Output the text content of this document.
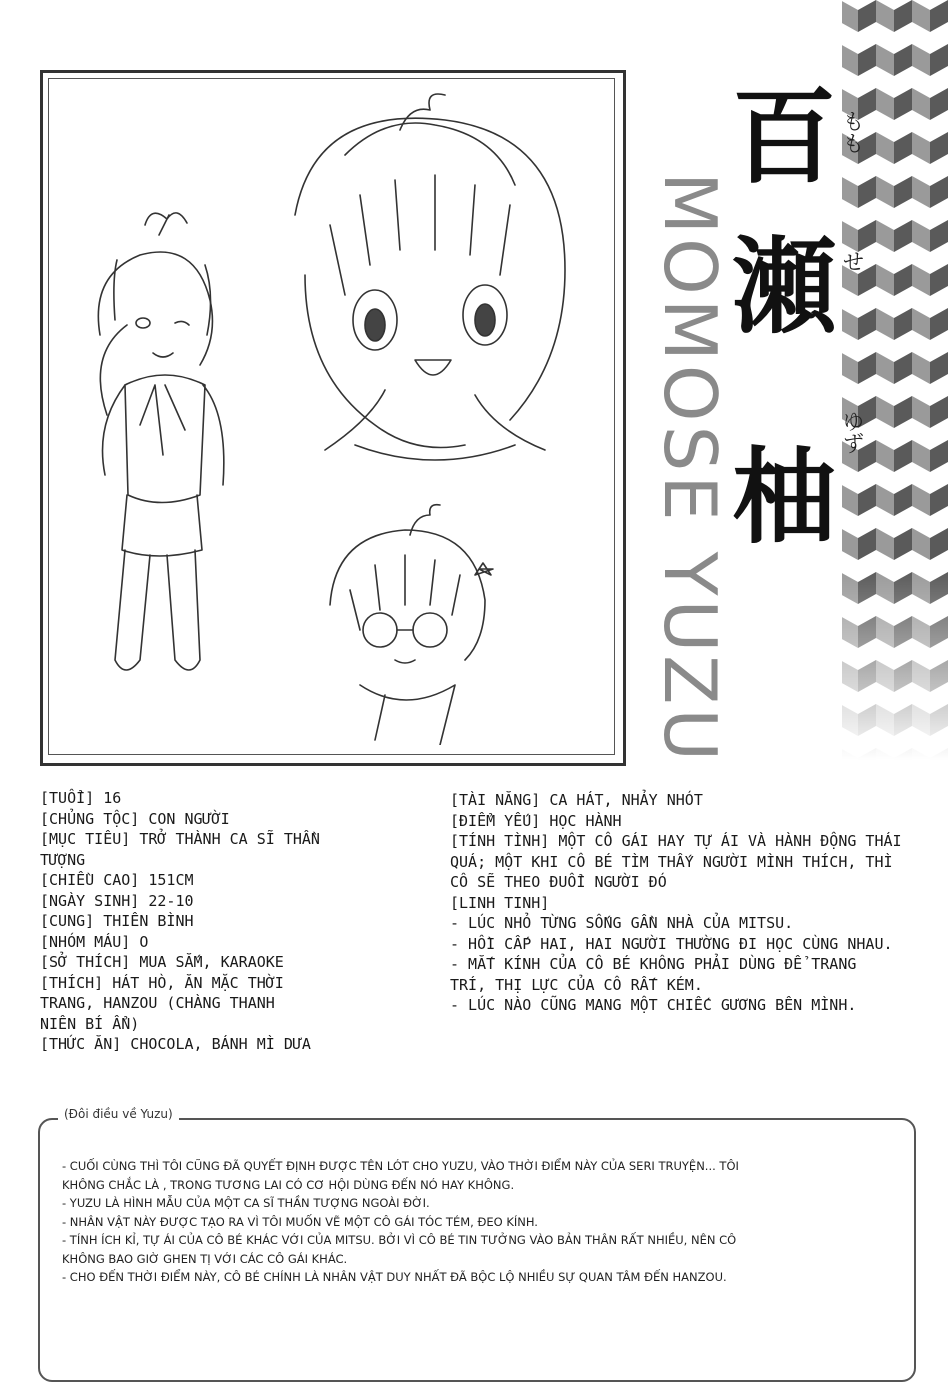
百
瀬
柚
もも
せ
ゆず
MOMOSE YUZU
[TUỔI] 16
[CHỦNG TỘC] CON NGƯỜI
[MỤC TIÊU] TRỞ THÀNH CA SĨ THẦN
TƯỢNG
[CHIỀU CAO] 151CM
[NGÀY SINH] 22-10
[CUNG] THIÊN BÌNH
[NHÓM MÁU] O
[SỞ THÍCH] MUA SẮM, KARAOKE
[THÍCH] HÁT HÒ, ĂN MẶC THỜI
TRANG, HANZOU (CHÀNG THANH
NIÊN BÍ ẨN)
[THỨC ĂN] CHOCOLA, BÁNH MÌ DƯA
[TÀI NĂNG] CA HÁT, NHẢY NHÓT
[ĐIỂM YẾU] HỌC HÀNH
[TÍNH TÌNH] MỘT CÔ GÁI HAY TỰ ÁI VÀ HÀNH ĐỘNG THÁI
QUÁ; MỘT KHI CÔ BÉ TÌM THẤY NGƯỜI MÌNH THÍCH, THÌ
CÔ SẼ THEO ĐUỔI NGƯỜI ĐÓ
[LINH TINH]
- LÚC NHỎ TỪNG SỐNG GẦN NHÀ CỦA MITSU.
- HỒI CẤP HAI, HAI NGƯỜI THƯỜNG ĐI HỌC CÙNG NHAU.
- MẮT KÍNH CỦA CÔ BÉ KHÔNG PHẢI DÙNG ĐỂ TRANG
TRÍ, THỊ LỰC CỦA CÔ RẤT KÉM.
- LÚC NÀO CŨNG MANG MỘT CHIẾC GƯƠNG BÊN MÌNH.
(Đôi điều về Yuzu)
- CUỐI CÙNG THÌ TÔI CŨNG ĐÃ QUYẾT ĐỊNH ĐƯỢC TÊN LÓT CHO YUZU, VÀO THỜI ĐIỂM NÀY CỦA SERI TRUYỆN... TÔI
KHÔNG CHẮC LÀ , TRONG TƯƠNG LAI CÓ CƠ HỘI DÙNG ĐẾN NÓ HAY KHÔNG.
- YUZU LÀ HÌNH MẪU CỦA MỘT CA SĨ THẦN TƯỢNG NGOÀI ĐỜI.
- NHÂN VẬT NÀY ĐƯỢC TẠO RA VÌ TÔI MUỐN VẼ MỘT CÔ GÁI TÓC TÉM, ĐEO KÍNH.
- TÍNH ÍCH KỈ, TỰ ÁI CỦA CÔ BÉ KHÁC VỚI CỦA MITSU. BỞI VÌ CÔ BÉ TIN TƯỞNG VÀO BẢN THÂN RẤT NHIỀU, NÊN CÔ
KHÔNG BAO GIỜ GHEN TỊ VỚI CÁC CÔ GÁI KHÁC.
- CHO ĐẾN THỜI ĐIỂM NÀY, CÔ BÉ CHÍNH LÀ NHÂN VẬT DUY NHẤT ĐÃ BỘC LỘ NHIỀU SỰ QUAN TÂM ĐẾN HANZOU.
